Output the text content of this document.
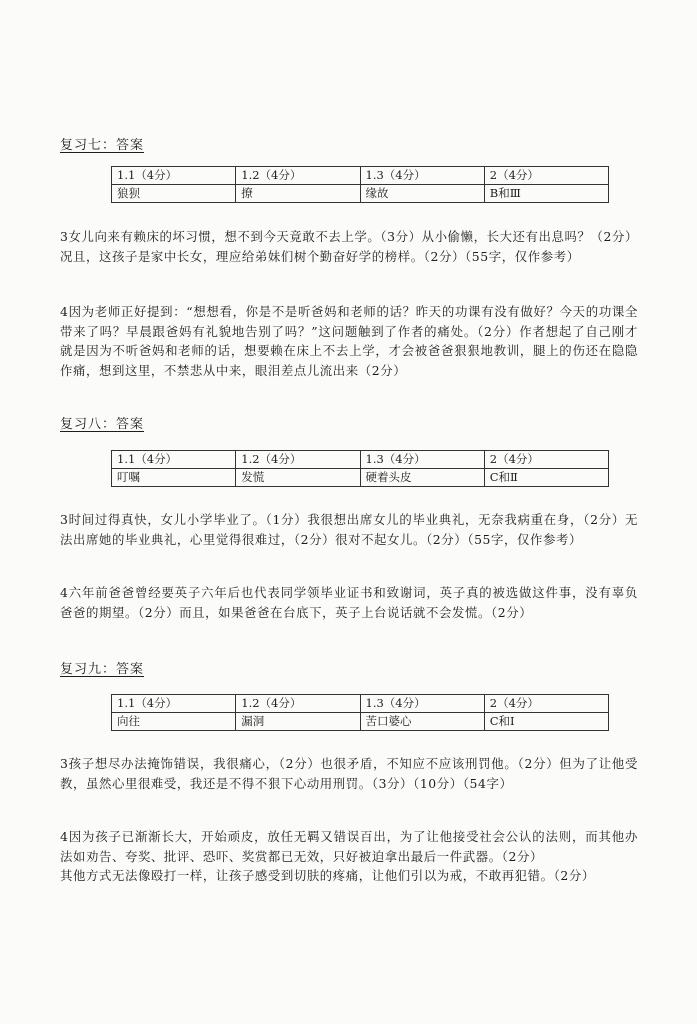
复习七：答案
1.1（4分）	1.2（4分）	1.3（4分）	2（4分）
狼狈	撩	缘故	B和Ⅲ

3女儿向来有赖床的坏习惯，想不到今天竟敢不去上学。（3分）从小偷懒，长大还有出息吗？（2分）况且，这孩子是家中长女，理应给弟妹们树个勤奋好学的榜样。（2分）（55字，仅作参考）

4因为老师正好提到：“想想看，你是不是听爸妈和老师的话？昨天的功课有没有做好？今天的功课全带来了吗？早晨跟爸妈有礼貌地告别了吗？”这问题触到了作者的痛处。（2分）作者想起了自己刚才就是因为不听爸妈和老师的话，想要赖在床上不去上学，才会被爸爸狠狠地教训，腿上的伤还在隐隐作痛，想到这里，不禁悲从中来，眼泪差点儿流出来（2分）

复习八：答案
1.1（4分）	1.2（4分）	1.3（4分）	2（4分）
叮嘱	发慌	硬着头皮	C和Ⅱ

3时间过得真快，女儿小学毕业了。（1分）我很想出席女儿的毕业典礼，无奈我病重在身，（2分）无法出席她的毕业典礼，心里觉得很难过，（2分）很对不起女儿。（2分）（55字，仅作参考）

4六年前爸爸曾经要英子六年后也代表同学领毕业证书和致谢词，英子真的被选做这件事，没有辜负爸爸的期望。（2分）而且，如果爸爸在台底下，英子上台说话就不会发慌。（2分）

复习九：答案
1.1（4分）	1.2（4分）	1.3（4分）	2（4分）
向往	漏洞	苦口婆心	C和Ⅰ

3孩子想尽办法掩饰错误，我很痛心，（2分）也很矛盾，不知应不应该刑罚他。（2分）但为了让他受教，虽然心里很难受，我还是不得不狠下心动用刑罚。（3分）（10分）（54字）

4因为孩子已渐渐长大，开始顽皮，放任无羁又错误百出，为了让他接受社会公认的法则，而其他办法如劝告、夸奖、批评、恐吓、奖赏都已无效，只好被迫拿出最后一件武器。（2分）

其他方式无法像殴打一样，让孩子感受到切肤的疼痛，让他们引以为戒，不敢再犯错。（2分）
